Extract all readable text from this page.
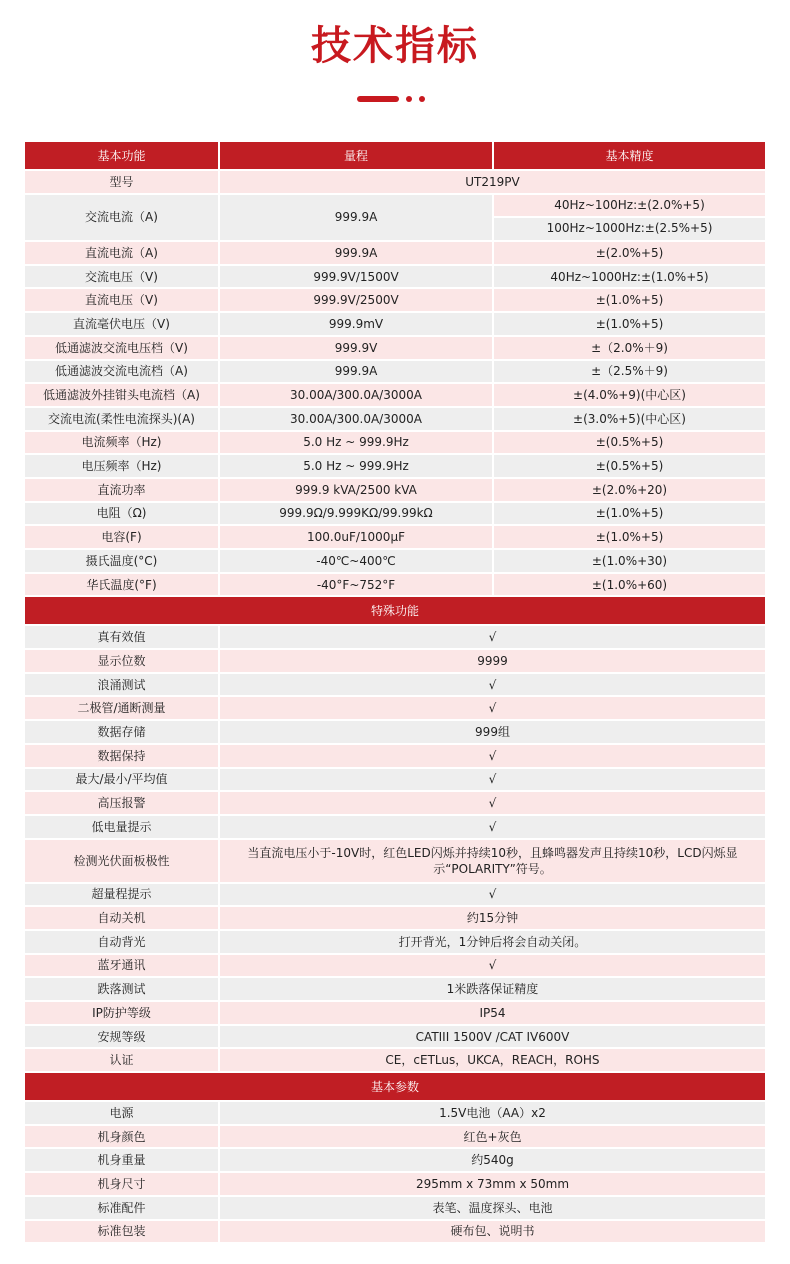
技术指标
基本功能	量程	基本精度
型号	UT219PV	
交流电流（A)	999.9A	40Hz~100Hz:±(2.0%+5)
100Hz~1000Hz:±(2.5%+5)

直流电流（A)	999.9A	±(2.0%+5)
交流电压（V)	999.9V/1500V	40Hz~1000Hz:±(1.0%+5)
直流电压（V)	999.9V/2500V	±(1.0%+5)
直流毫伏电压（V)	999.9mV	±(1.0%+5)
低通滤波交流电压档（V)	999.9V	±（2.0%＋9)
低通滤波交流电流档（A)	999.9A	±（2.5%＋9)
低通滤波外挂钳头电流档（A)	30.00A/300.0A/3000A	±(4.0%+9)(中心区)
交流电流(柔性电流探头)(A)	30.00A/300.0A/3000A	±(3.0%+5)(中心区)
电流频率（Hz)	5.0 Hz ~ 999.9Hz	±(0.5%+5)
电压频率（Hz)	5.0 Hz ~ 999.9Hz	±(0.5%+5)
直流功率	999.9 kVA/2500 kVA	±(2.0%+20)
电阻（Ω)	999.9Ω/9.999KΩ/99.99kΩ	±(1.0%+5)
电容(F)	100.0uF/1000μF	±(1.0%+5)
摄氏温度(°C)	-40℃~400℃	±(1.0%+30)
华氏温度(°F)	-40°F~752°F	±(1.0%+60)
特殊功能		
真有效值	√	
显示位数	9999	
浪涌测试	√	
二极管/通断测量	√	
数据存储	999组	
数据保持	√	
最大/最小/平均值	√	
高压报警	√	
低电量提示	√	
检测光伏面板极性	当直流电压小于-10V时，红色LED闪烁并持续10秒，且蜂鸣器发声且持续10秒，LCD闪烁显示“POLARITY”符号。	
超量程提示	√	
自动关机	约15分钟	
自动背光	打开背光，1分钟后将会自动关闭。	
蓝牙通讯	√	
跌落测试	1米跌落保证精度	
IP防护等级	IP54	
安规等级	CATIII 1500V /CAT IV600V	
认证	CE，cETLus，UKCA，REACH，ROHS	
基本参数		
电源	1.5V电池（AA）x2	
机身颜色	红色+灰色	
机身重量	约540g	
机身尺寸	295mm x 73mm x 50mm	
标准配件	表笔、温度探头、电池	
标准包装	硬布包、说明书	
